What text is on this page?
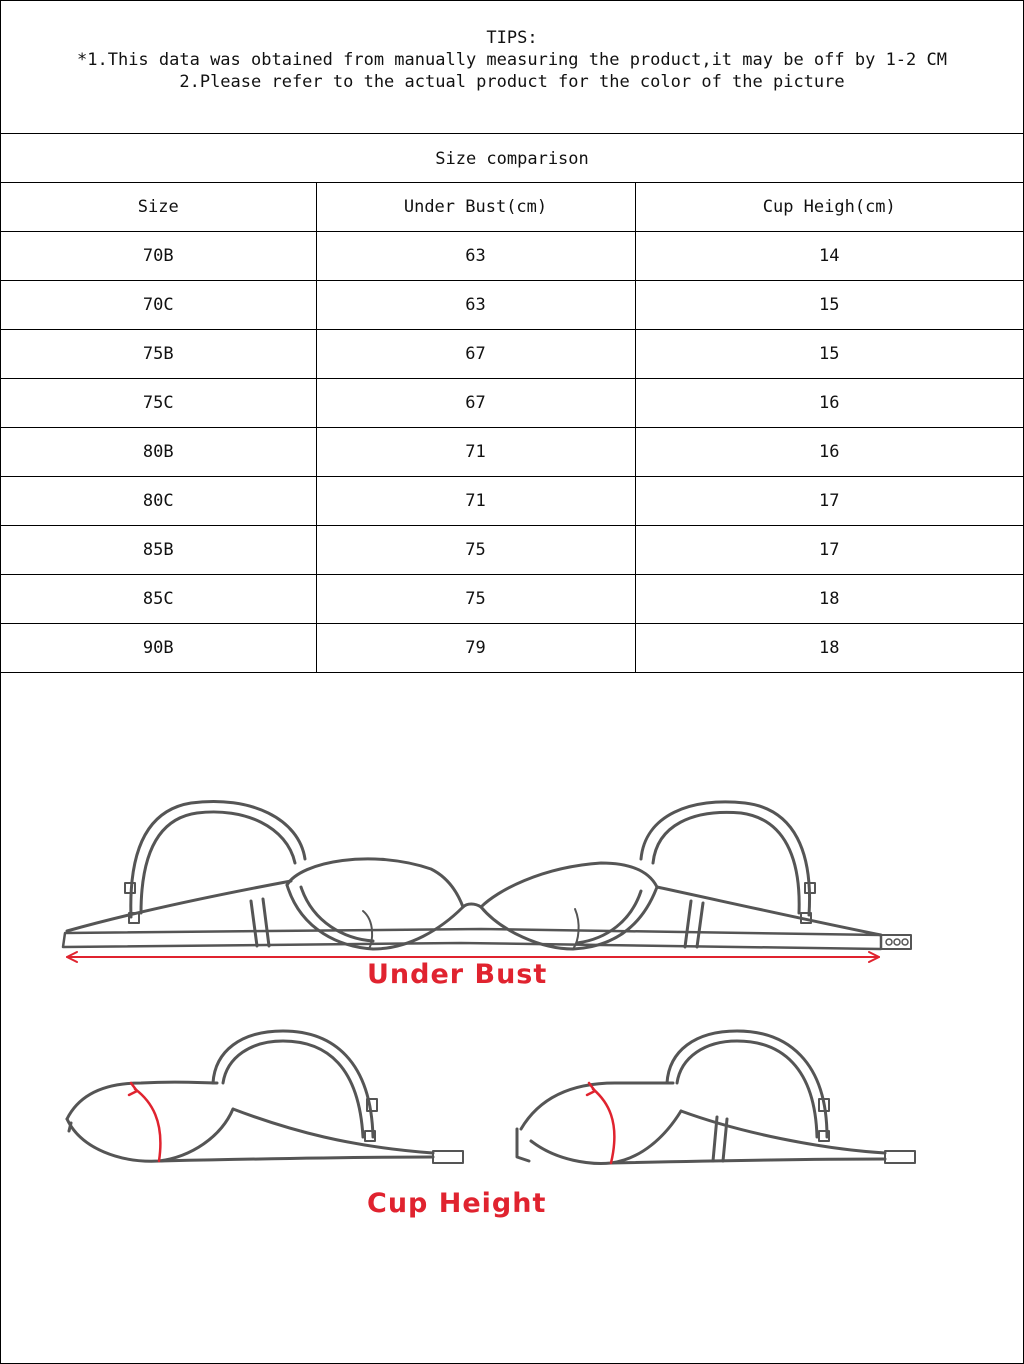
TIPS:
*1.This data was obtained from manually measuring the product,it may be off by 1-2 CM
2.Please refer to the actual product for the color of the picture
Size comparison
Size	Under Bust(cm)	Cup Heigh(cm)
70B	63	14
70C	63	15
75B	67	15
75C	67	16
80B	71	16
80C	71	17
85B	75	17
85C	75	18
90B	79	18
Under Bust
Cup Height
